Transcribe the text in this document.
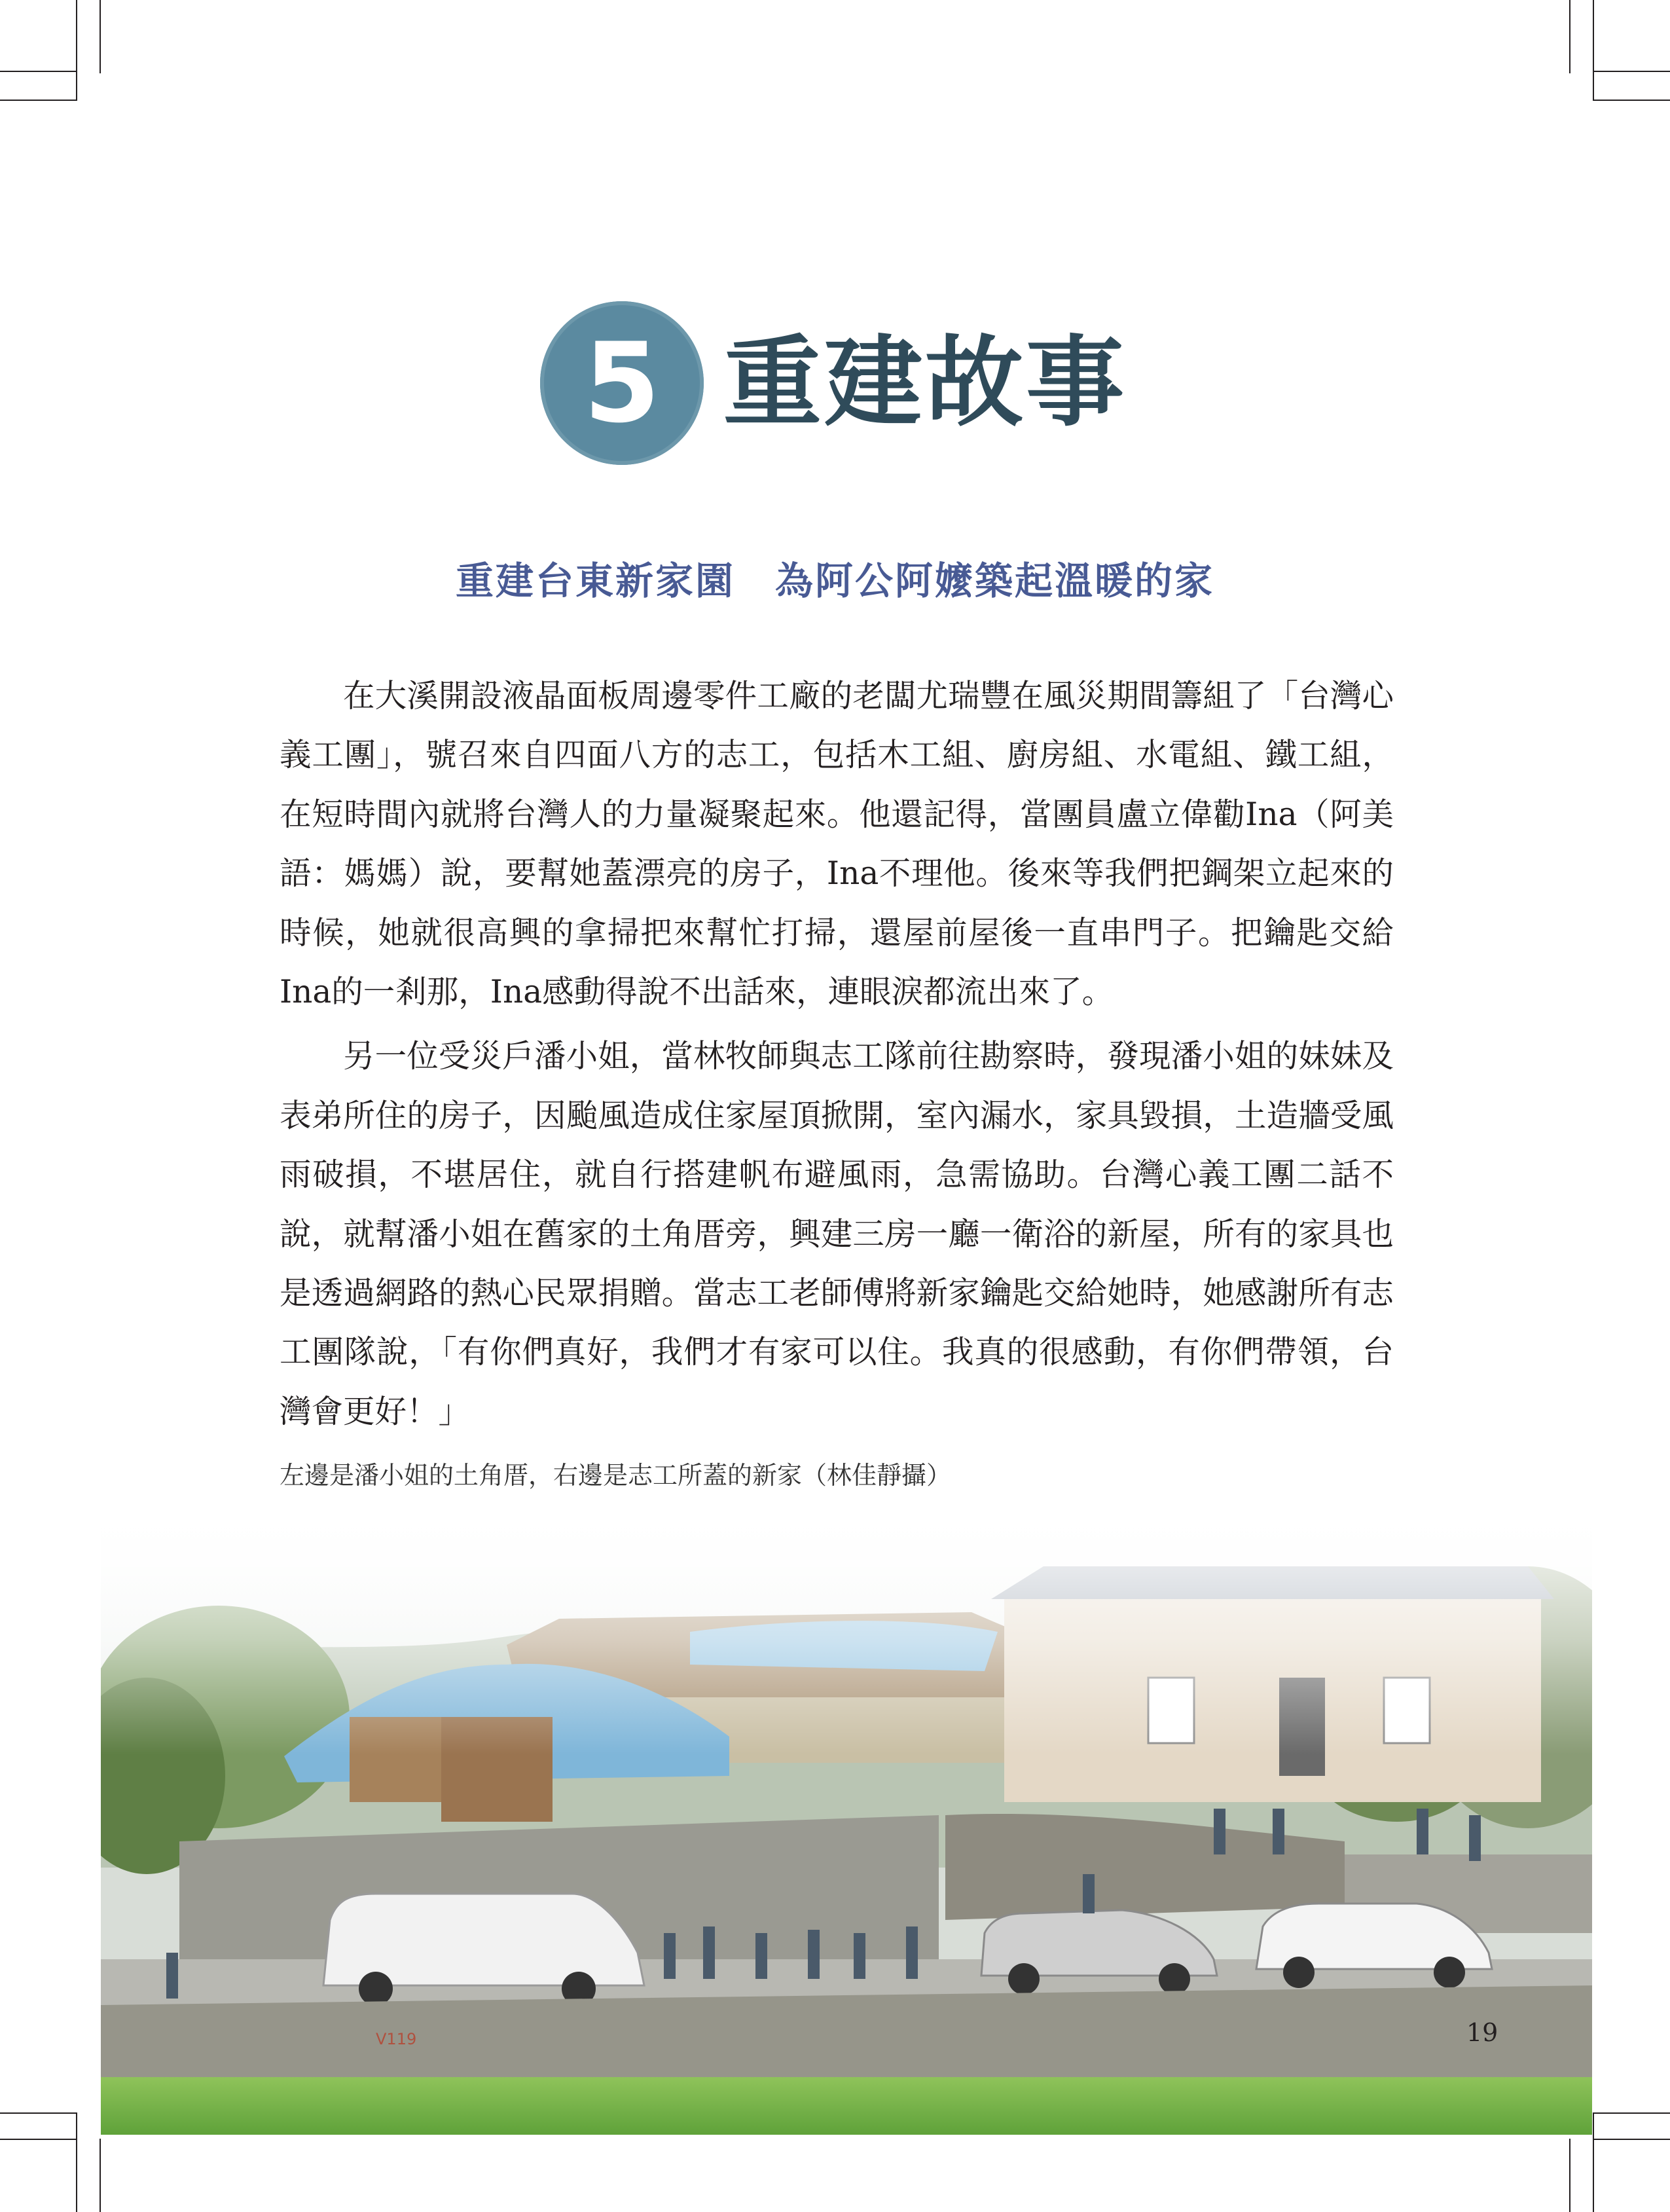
5 重建故事
重建台東新家園　為阿公阿嬤築起溫暖的家

在大溪開設液晶面板周邊零件工廠的老闆尤瑞豐在風災期間籌組了「台灣心義工團」，號召來自四面八方的志工，包括木工組、廚房組、水電組、鐵工組，在短時間內就將台灣人的力量凝聚起來。他還記得，當團員盧立偉勸Ina（阿美語：媽媽）說，要幫她蓋漂亮的房子，Ina不理他。後來等我們把鋼架立起來的時候，她就很高興的拿掃把來幫忙打掃，還屋前屋後一直串門子。把鑰匙交給Ina的一剎那，Ina感動得說不出話來，連眼淚都流出來了。

另一位受災戶潘小姐，當林牧師與志工隊前往勘察時，發現潘小姐的妹妹及表弟所住的房子，因颱風造成住家屋頂掀開，室內漏水，家具毀損，土造牆受風雨破損，不堪居住，就自行搭建帆布避風雨，急需協助。台灣心義工團二話不說，就幫潘小姐在舊家的土角厝旁，興建三房一廳一衛浴的新屋，所有的家具也是透過網路的熱心民眾捐贈。當志工老師傅將新家鑰匙交給她時，她感謝所有志工團隊說，「有你們真好，我們才有家可以住。我真的很感動，有你們帶領，台灣會更好！」

左邊是潘小姐的土角厝，右邊是志工所蓋的新家（林佳靜攝）
19
